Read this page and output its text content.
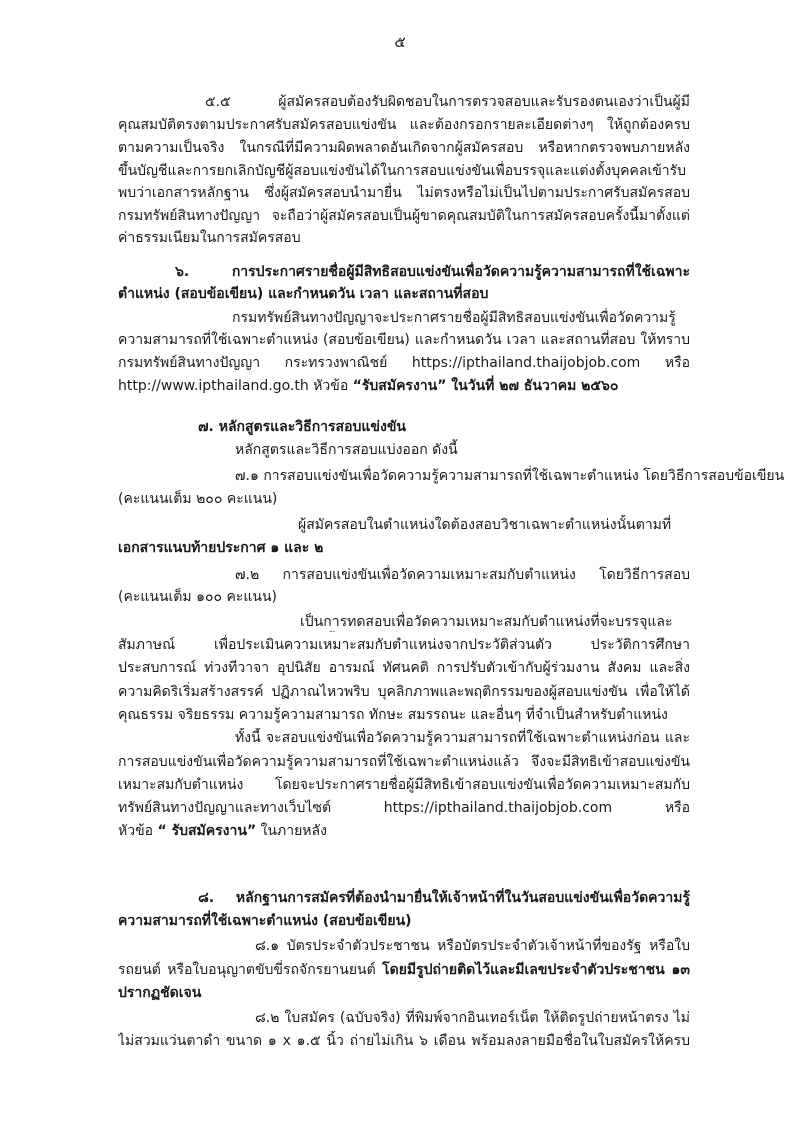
๕
๕.๕ ผู้สมัครสอบต้องรับผิดชอบในการตรวจสอบและรับรองตนเองว่าเป็นผู้มี
คุณสมบัติตรงตามประกาศรับสมัครสอบแข่งขัน และต้องกรอกรายละเอียดต่างๆ ให้ถูกต้องครบ
ตามความเป็นจริง ในกรณีที่มีความผิดพลาดอันเกิดจากผู้สมัครสอบ หรือหากตรวจพบภายหลัง
ขึ้นบัญชีและการยกเลิกบัญชีผู้สอบแข่งขันได้ในการสอบแข่งขันเพื่อบรรจุและแต่งตั้งบุคคลเข้ารับ
พบว่าเอกสารหลักฐาน ซึ่งผู้สมัครสอบนำมายื่น ไม่ตรงหรือไม่เป็นไปตามประกาศรับสมัครสอบ
กรมทรัพย์สินทางปัญญา จะถือว่าผู้สมัครสอบเป็นผู้ขาดคุณสมบัติในการสมัครสอบครั้งนี้มาตั้งแต่
ค่าธรรมเนียมในการสมัครสอบ
๖. การประกาศรายชื่อผู้มีสิทธิสอบแข่งขันเพื่อวัดความรู้ความสามารถที่ใช้เฉพาะ
ตำแหน่ง (สอบข้อเขียน) และกำหนดวัน เวลา และสถานที่สอบ
กรมทรัพย์สินทางปัญญาจะประกาศรายชื่อผู้มีสิทธิสอบแข่งขันเพื่อวัดความรู้
ความสามารถที่ใช้เฉพาะตำแหน่ง (สอบข้อเขียน) และกำหนดวัน เวลา และสถานที่สอบ ให้ทราบ
กรมทรัพย์สินทางปัญญา กระทรวงพาณิชย์ https://ipthailand.thaijobjob.com หรือ
http://www.ipthailand.go.th หัวข้อ “รับสมัครงาน” ในวันที่ ๒๗ ธันวาคม ๒๕๖๐
๗. หลักสูตรและวิธีการสอบแข่งขัน
หลักสูตรและวิธีการสอบแบ่งออก ดังนี้
๗.๑ การสอบแข่งขันเพื่อวัดความรู้ความสามารถที่ใช้เฉพาะตำแหน่ง โดยวิธีการสอบข้อเขียน
(คะแนนเต็ม ๒๐๐ คะแนน)
ผู้สมัครสอบในตำแหน่งใดต้องสอบวิชาเฉพาะตำแหน่งนั้นตามที่
เอกสารแนบท้ายประกาศ ๑ และ ๒
๗.๒ การสอบแข่งขันเพื่อวัดความเหมาะสมกับตำแหน่ง โดยวิธีการสอบ
(คะแนนเต็ม ๑๐๐ คะแนน)
เป็นการทดสอบเพื่อวัดความเหมาะสมกับตำแหน่งที่จะบรรจุและ
สัมภาษณ์ เพื่อประเมินความเหมาะสมกับตำแหน่งจากประวัติส่วนตัว ประวัติการศึกษา
ประสบการณ์ ท่วงทีวาจา อุปนิสัย อารมณ์ ทัศนคติ การปรับตัวเข้ากับผู้ร่วมงาน สังคม และสิ่ง
ความคิดริเริ่มสร้างสรรค์ ปฏิภาณไหวพริบ บุคลิกภาพและพฤติกรรมของผู้สอบแข่งขัน เพื่อให้ได้
คุณธรรม จริยธรรม ความรู้ความสามารถ ทักษะ สมรรถนะ และอื่นๆ ที่จำเป็นสำหรับตำแหน่ง
ทั้งนี้ จะสอบแข่งขันเพื่อวัดความรู้ความสามารถที่ใช้เฉพาะตำแหน่งก่อน และ
การสอบแข่งขันเพื่อวัดความรู้ความสามารถที่ใช้เฉพาะตำแหน่งแล้ว จึงจะมีสิทธิเข้าสอบแข่งขัน
เหมาะสมกับตำแหน่ง โดยจะประกาศรายชื่อผู้มีสิทธิเข้าสอบแข่งขันเพื่อวัดความเหมาะสมกับ
ทรัพย์สินทางปัญญาและทางเว็บไซต์ https://ipthailand.thaijobjob.com หรือ
หัวข้อ “ รับสมัครงาน” ในภายหลัง
๘. หลักฐานการสมัครที่ต้องนำมายื่นให้เจ้าหน้าที่ในวันสอบแข่งขันเพื่อวัดความรู้
ความสามารถที่ใช้เฉพาะตำแหน่ง (สอบข้อเขียน)
๘.๑ บัตรประจำตัวประชาชน หรือบัตรประจำตัวเจ้าหน้าที่ของรัฐ หรือใบ
รถยนต์ หรือใบอนุญาตขับขี่รถจักรยานยนต์ โดยมีรูปถ่ายติดไว้และมีเลขประจำตัวประชาชน ๑๓
ปรากฏชัดเจน
๘.๒ ใบสมัคร (ฉบับจริง) ที่พิมพ์จากอินเทอร์เน็ต ให้ติดรูปถ่ายหน้าตรง ไม่
ไม่สวมแว่นตาดำ ขนาด ๑ x ๑.๕ นิ้ว ถ่ายไม่เกิน ๖ เดือน พร้อมลงลายมือชื่อในใบสมัครให้ครบ
